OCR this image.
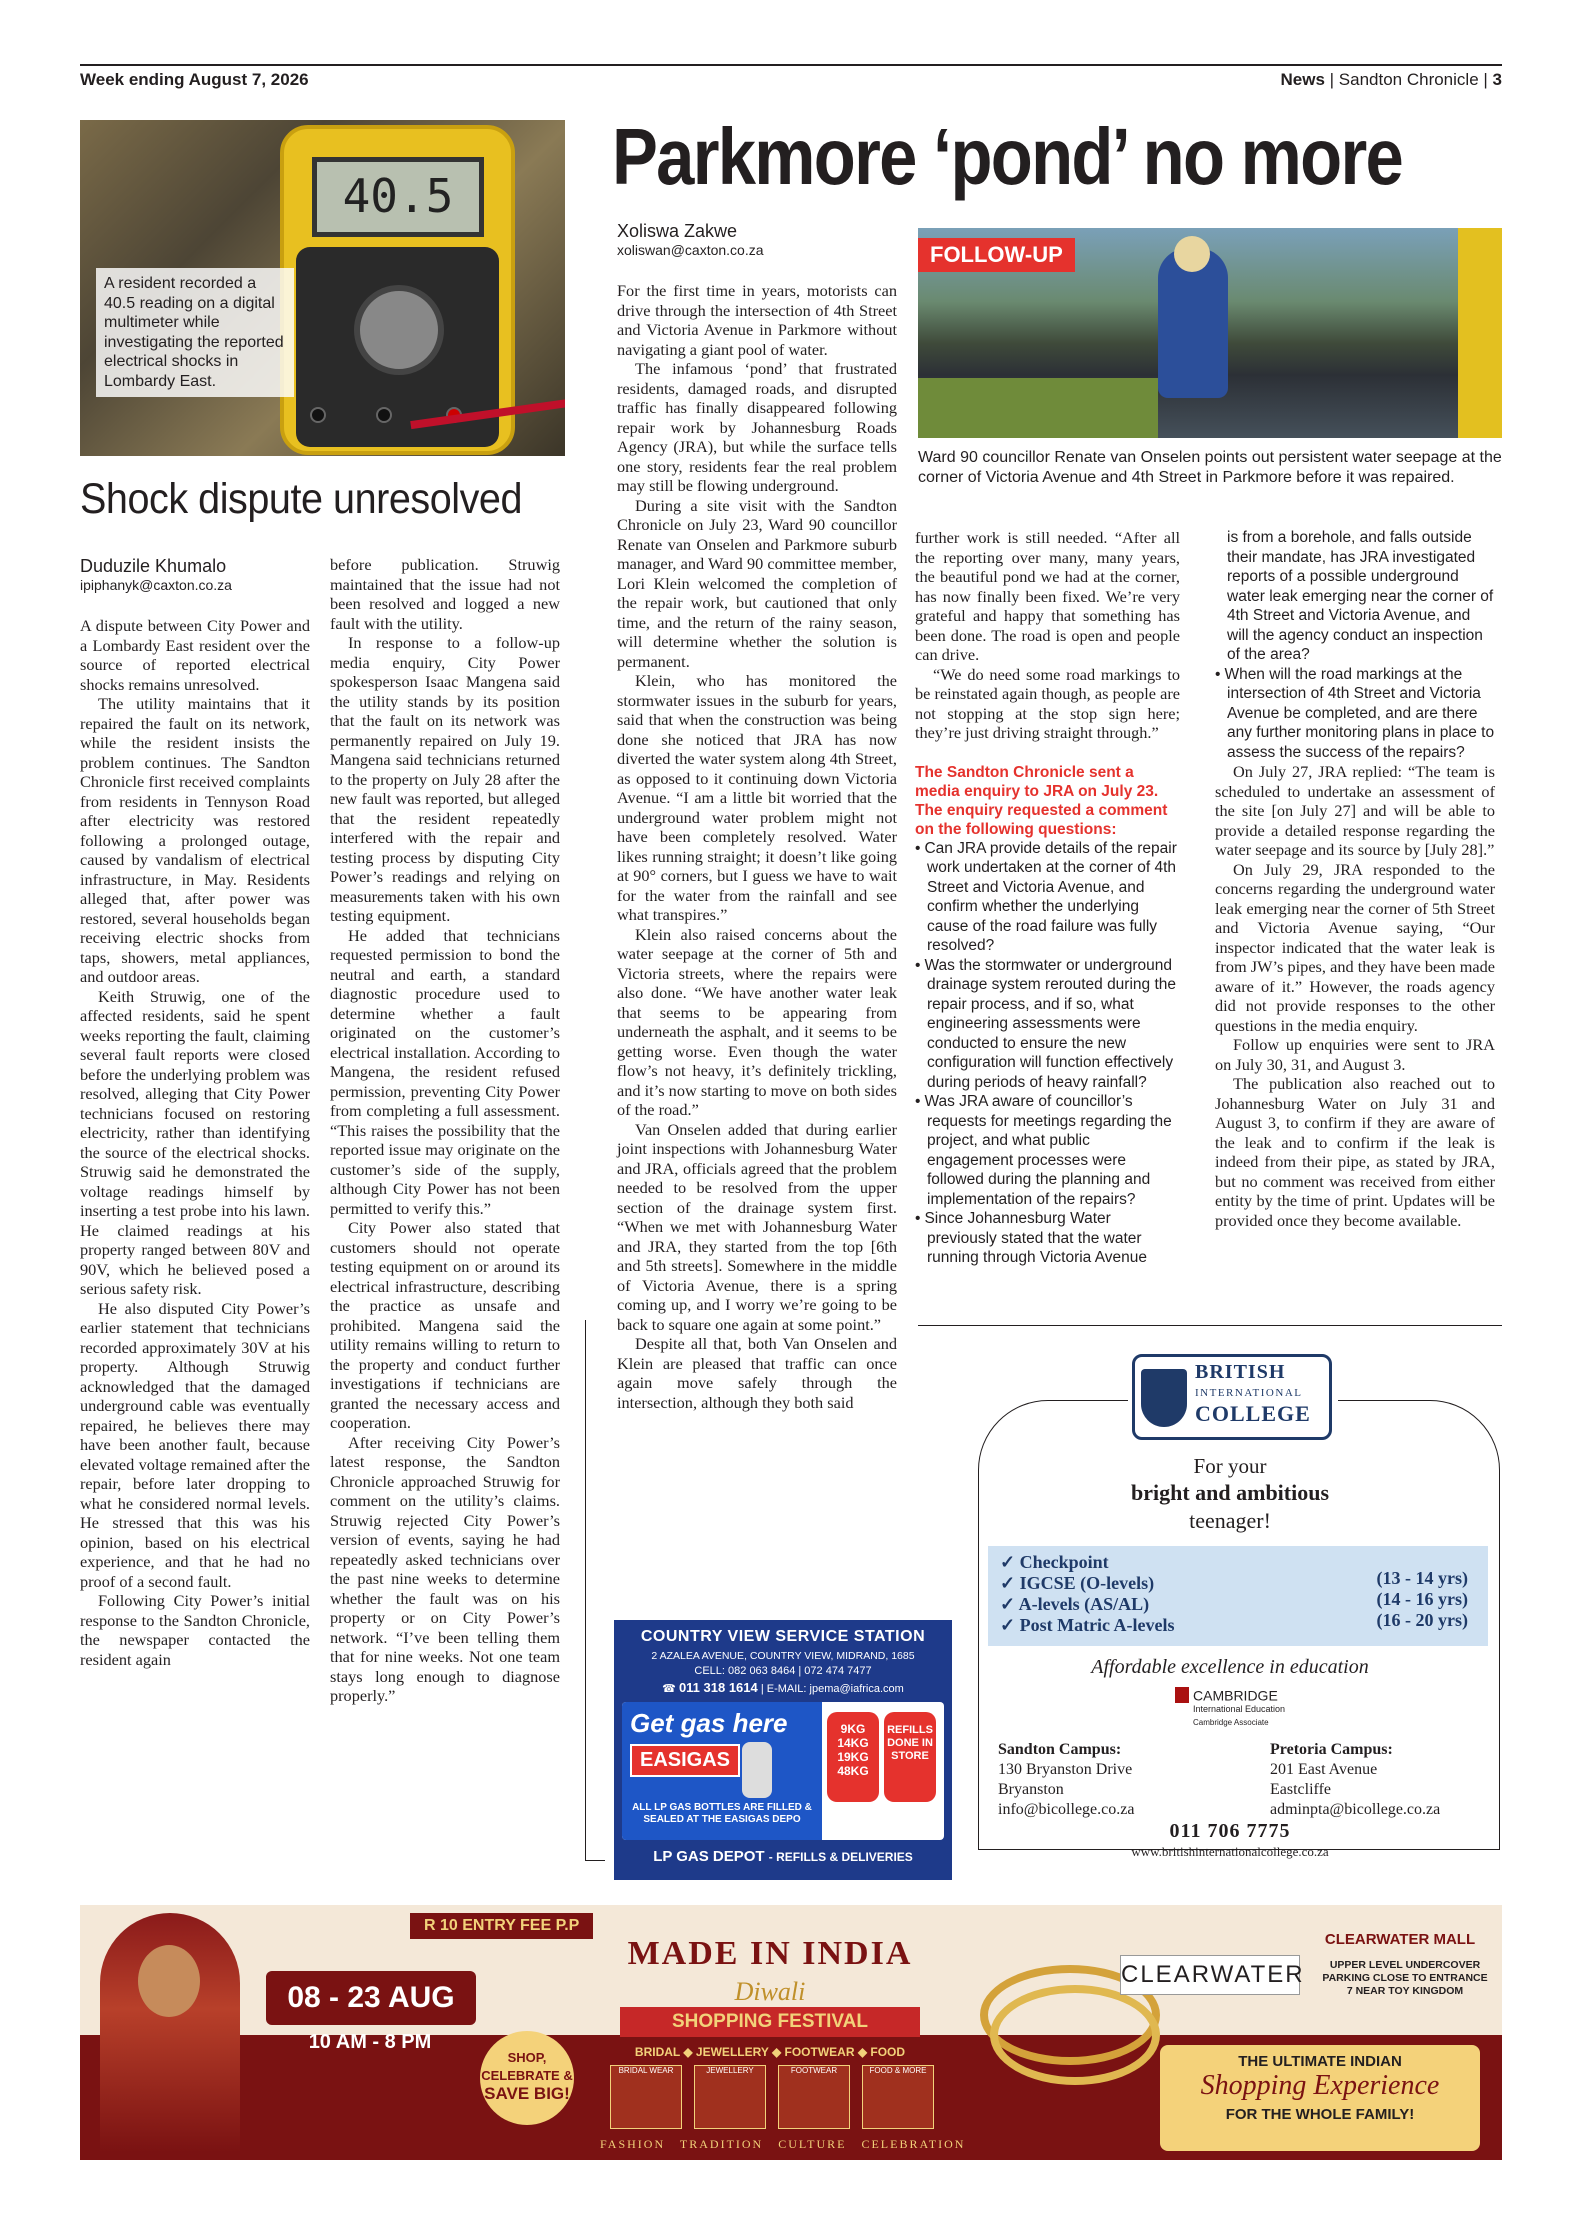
Week ending August 7, 2026	News | Sandton Chronicle | 3
40.5
A resident recorded a 40.5 reading on a digital multimeter while investigating the reported electrical shocks in Lombardy East.
Shock dispute unresolved
Duduzile Khumalo
ipiphanyk@caxton.co.za

A dispute between City Power and a Lombardy East resident over the source of reported electrical shocks remains unresolved.

The utility maintains that it repaired the fault on its network, while the resident insists the problem continues. The Sandton Chronicle first received complaints from residents in Tennyson Road after electricity was restored following a prolonged outage, caused by vandalism of electrical infrastructure, in May. Residents alleged that, after power was restored, several households began receiving electric shocks from taps, showers, metal appliances, and outdoor areas.

Keith Struwig, one of the affected residents, said he spent weeks reporting the fault, claiming several fault reports were closed before the underlying problem was resolved, alleging that City Power technicians focused on restoring electricity, rather than identifying the source of the electrical shocks. Struwig said he demonstrated the voltage readings himself by inserting a test probe into his lawn. He claimed readings at his property ranged between 80V and 90V, which he believed posed a serious safety risk.

He also disputed City Power’s earlier statement that technicians recorded approximately 30V at his property. Although Struwig acknowledged that the damaged underground cable was eventually repaired, he believes there may have been another fault, because elevated voltage remained after the repair, before later dropping to what he considered normal levels. He stressed that this was his opinion, based on his electrical experience, and that he had no proof of a second fault.

Following City Power’s initial response to the Sandton Chronicle, the newspaper contacted the resident again

before publication. Struwig maintained that the issue had not been resolved and logged a new fault with the utility.

In response to a follow-up media enquiry, City Power spokesperson Isaac Mangena said the utility stands by its position that the fault on its network was permanently repaired on July 19. Mangena said technicians returned to the property on July 28 after the new fault was reported, but alleged that the resident repeatedly interfered with the repair and testing process by disputing City Power’s readings and relying on measurements taken with his own testing equipment.

He added that technicians requested permission to bond the neutral and earth, a standard diagnostic procedure used to determine whether a fault originated on the customer’s electrical installation. According to Mangena, the resident refused permission, preventing City Power from completing a full assessment. “This raises the possibility that the reported issue may originate on the customer’s side of the supply, although City Power has not been permitted to verify this.”

City Power also stated that customers should not operate testing equipment on or around its electrical infrastructure, describing the practice as unsafe and prohibited. Mangena said the utility remains willing to return to the property and conduct further investigations if technicians are granted the necessary access and cooperation.

After receiving City Power’s latest response, the Sandton Chronicle approached Struwig for comment on the utility’s claims. Struwig rejected City Power’s version of events, saying he had repeatedly asked technicians over the past nine weeks to determine whether the fault was on his property or on City Power’s network. “I’ve been telling them that for nine weeks. Not one team stays long enough to diagnose properly.”

Parkmore ‘pond’ no more
Xoliswa Zakwe
xoliswan@caxton.co.za

For the first time in years, motorists can drive through the intersection of 4th Street and Victoria Avenue in Parkmore without navigating a giant pool of water.

The infamous ‘pond’ that frustrated residents, damaged roads, and disrupted traffic has finally disappeared following repair work by Johannesburg Roads Agency (JRA), but while the surface tells one story, residents fear the real problem may still be flowing underground.

During a site visit with the Sandton Chronicle on July 23, Ward 90 councillor Renate van Onselen and Parkmore suburb manager, and Ward 90 committee member, Lori Klein welcomed the completion of the repair work, but cautioned that only time, and the return of the rainy season, will determine whether the solution is permanent.

Klein, who has monitored the stormwater issues in the suburb for years, said that when the construction was being done she noticed that JRA has now diverted the water system along 4th Street, as opposed to it continuing down Victoria Avenue. “I am a little bit worried that the underground water problem might not have been completely resolved. Water likes running straight; it doesn’t like going at 90° corners, but I guess we have to wait for the water from the rainfall and see what transpires.”

Klein also raised concerns about the water seepage at the corner of 5th and Victoria streets, where the repairs were also done. “We have another water leak that seems to be appearing from underneath the asphalt, and it seems to be getting worse. Even though the water flow’s not heavy, it’s definitely trickling, and it’s now starting to move on both sides of the road.”

Van Onselen added that during earlier joint inspections with Johannesburg Water and JRA, officials agreed that the problem needed to be resolved from the upper section of the drainage system first. “When we met with Johannesburg Water and JRA, they started from the top [6th and 5th streets]. Somewhere in the middle of Victoria Avenue, there is a spring coming up, and I worry we’re going to be back to square one again at some point.”

Despite all that, both Van Onselen and Klein are pleased that traffic can once again move safely through the intersection, although they both said

FOLLOW-UP
Ward 90 councillor Renate van Onselen points out persistent water seepage at the corner of Victoria Avenue and 4th Street in Parkmore before it was repaired.

further work is still needed. “After all the reporting over many, many years, the beautiful pond we had at the corner, has now finally been fixed. We’re very grateful and happy that something has been done. The road is open and people can drive.

“We do need some road markings to be reinstated again though, as people are not stopping at the stop sign here; they’re just driving straight through.”

The Sandton Chronicle sent a media enquiry to JRA on July 23. The enquiry requested a comment on the following questions:
• Can JRA provide details of the repair work undertaken at the corner of 4th Street and Victoria Avenue, and confirm whether the underlying cause of the road failure was fully resolved?
• Was the stormwater or underground drainage system rerouted during the repair process, and if so, what engineering assessments were conducted to ensure the new configuration will function effectively during periods of heavy rainfall?
• Was JRA aware of councillor’s requests for meetings regarding the project, and what public engagement processes were followed during the planning and implementation of the repairs?
• Since Johannesburg Water previously stated that the water running through Victoria Avenue
is from a borehole, and falls outside their mandate, has JRA investigated reports of a possible underground water leak emerging near the corner of 4th Street and Victoria Avenue, and will the agency conduct an inspection of the area?
• When will the road markings at the intersection of 4th Street and Victoria Avenue be completed, and are there any further monitoring plans in place to assess the success of the repairs?

On July 27, JRA replied: “The team is scheduled to undertake an assessment of the site [on July 27] and will be able to provide a detailed response regarding the water seepage and its source by [July 28].”

On July 29, JRA responded to the concerns regarding the underground water leak emerging near the corner of 5th Street and Victoria Avenue saying, “Our inspector indicated that the water leak is from JW’s pipes, and they have been made aware of it.” However, the roads agency did not provide responses to the other questions in the media enquiry.

Follow up enquiries were sent to JRA on July 30, 31, and August 3.

The publication also reached out to Johannesburg Water on July 31 and August 3, to confirm if they are aware of the leak and to confirm if the leak is indeed from their pipe, as stated by JRA, but no comment was received from either entity by the time of print. Updates will be provided once they become available.

COUNTRY VIEW SERVICE STATION
2 AZALEA AVENUE, COUNTRY VIEW, MIDRAND, 1685
CELL: 082 063 8464 | 072 474 7477
☎ 011 318 1614 | E-MAIL: jpema@iafrica.com
Get gas here
EASIGAS
ALL LP GAS BOTTLES ARE FILLED & SEALED AT THE EASIGAS DEPO
9KG
14KG
19KG
48KG
REFILLS DONE IN STORE
LP GAS DEPOT - REFILLS & DELIVERIES
BRITISH
INTERNATIONAL
COLLEGE
For your
bright and ambitious
teenager!
✓ Checkpoint
✓ IGCSE (O-levels)	(13 - 14 yrs)
✓ A-levels (AS/AL)	(14 - 16 yrs)
✓ Post Matric A-levels	(16 - 20 yrs)
Affordable excellence in education
CAMBRIDGE
International Education
Cambridge Associate
Sandton Campus:
130 Bryanston Drive
Bryanston
info@bicollege.co.za
Pretoria Campus:
201 East Avenue
Eastcliffe
adminpta@bicollege.co.za
011 706 7775
www.britishinternationalcollege.co.za
R 10 ENTRY FEE P.P
08 - 23 AUG
10 AM - 8 PM
SHOP,
CELEBRATE &
SAVE BIG!
MADE IN INDIA
Diwali
SHOPPING FESTIVAL
BRIDAL ◆ JEWELLERY ◆ FOOTWEAR ◆ FOOD
BRIDAL WEAR	JEWELLERY	FOOTWEAR	FOOD & MORE
FASHION   TRADITION   CULTURE   CELEBRATION
CLEARWATER
CLEARWATER MALL
UPPER LEVEL UNDERCOVER PARKING CLOSE TO ENTRANCE 7 NEAR TOY KINGDOM
THE ULTIMATE INDIAN
Shopping Experience
FOR THE WHOLE FAMILY!
